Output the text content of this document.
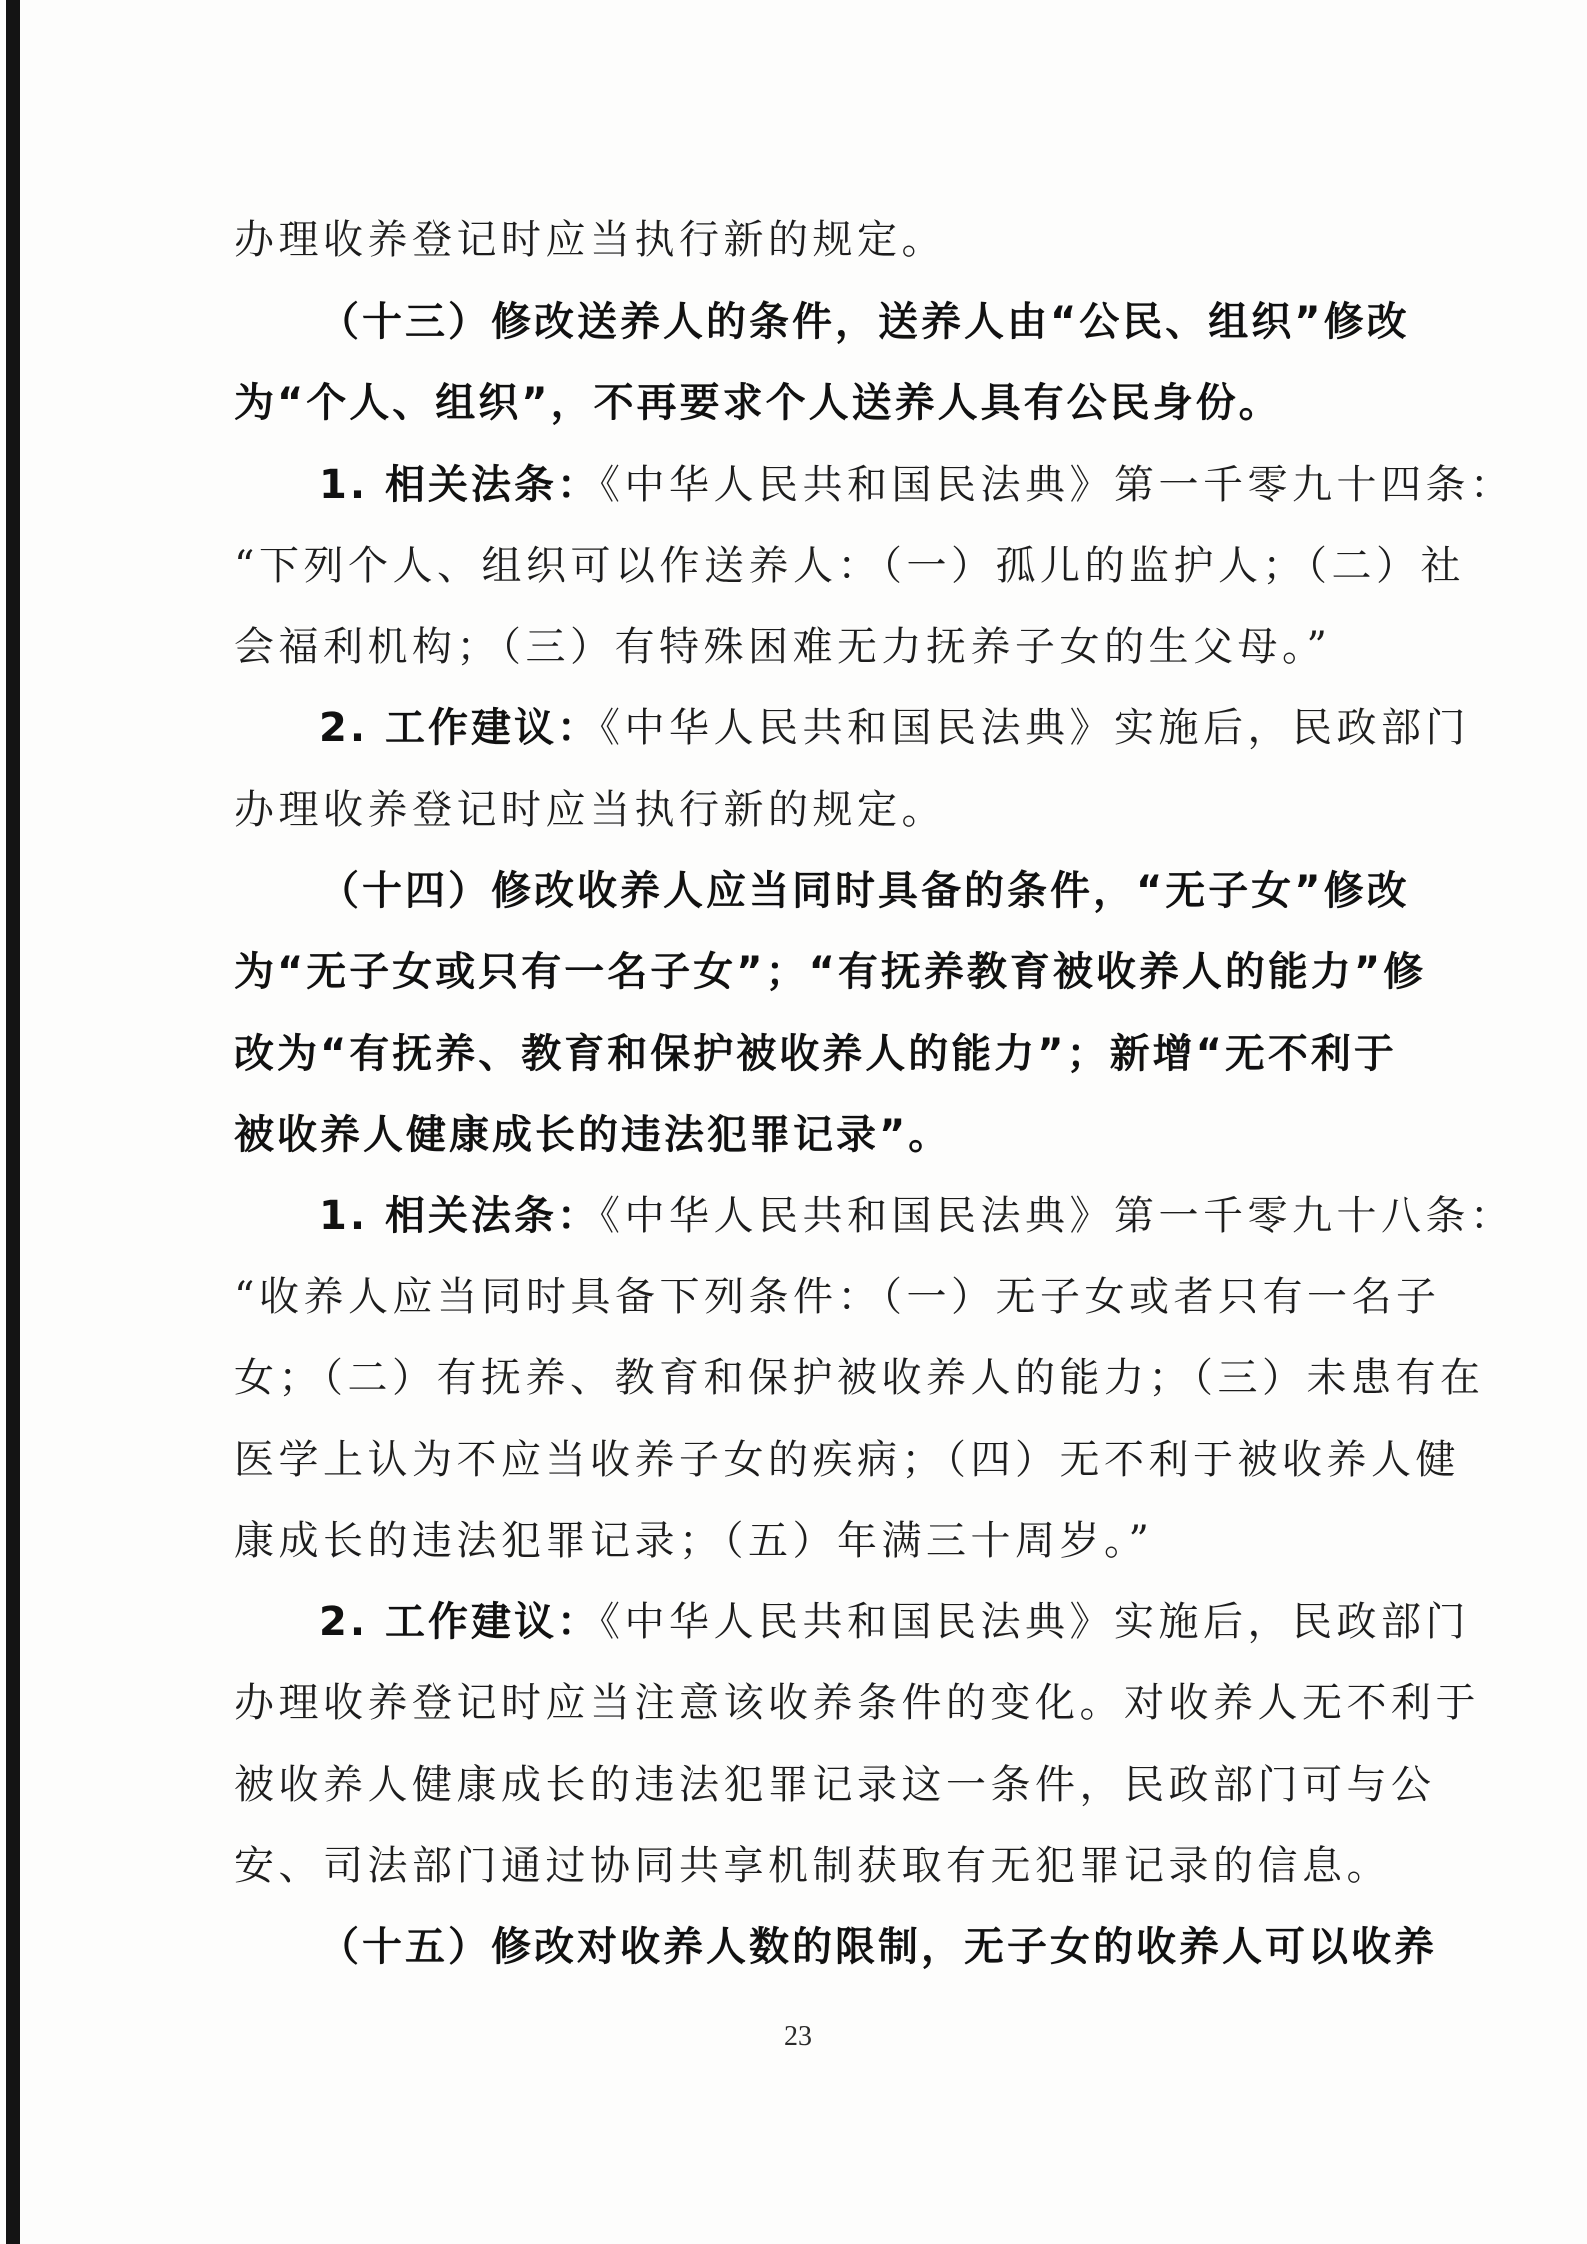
办理收养登记时应当执行新的规定。
（十三）修改送养人的条件，送养人由“公民、组织”修改
为“个人、组织”，不再要求个人送养人具有公民身份。
1. 相关法条：《中华人民共和国民法典》第一千零九十四条：
“下列个人、组织可以作送养人：（一）孤儿的监护人；（二）社
会福利机构；（三）有特殊困难无力抚养子女的生父母。”
2. 工作建议：《中华人民共和国民法典》实施后，民政部门
办理收养登记时应当执行新的规定。
（十四）修改收养人应当同时具备的条件，“无子女”修改
为“无子女或只有一名子女”；“有抚养教育被收养人的能力”修
改为“有抚养、教育和保护被收养人的能力”；新增“无不利于
被收养人健康成长的违法犯罪记录”。
1. 相关法条：《中华人民共和国民法典》第一千零九十八条：
“收养人应当同时具备下列条件：（一）无子女或者只有一名子
女；（二）有抚养、教育和保护被收养人的能力；（三）未患有在
医学上认为不应当收养子女的疾病；（四）无不利于被收养人健
康成长的违法犯罪记录；（五）年满三十周岁。”
2. 工作建议：《中华人民共和国民法典》实施后，民政部门
办理收养登记时应当注意该收养条件的变化。对收养人无不利于
被收养人健康成长的违法犯罪记录这一条件，民政部门可与公
安、司法部门通过协同共享机制获取有无犯罪记录的信息。
（十五）修改对收养人数的限制，无子女的收养人可以收养
23
